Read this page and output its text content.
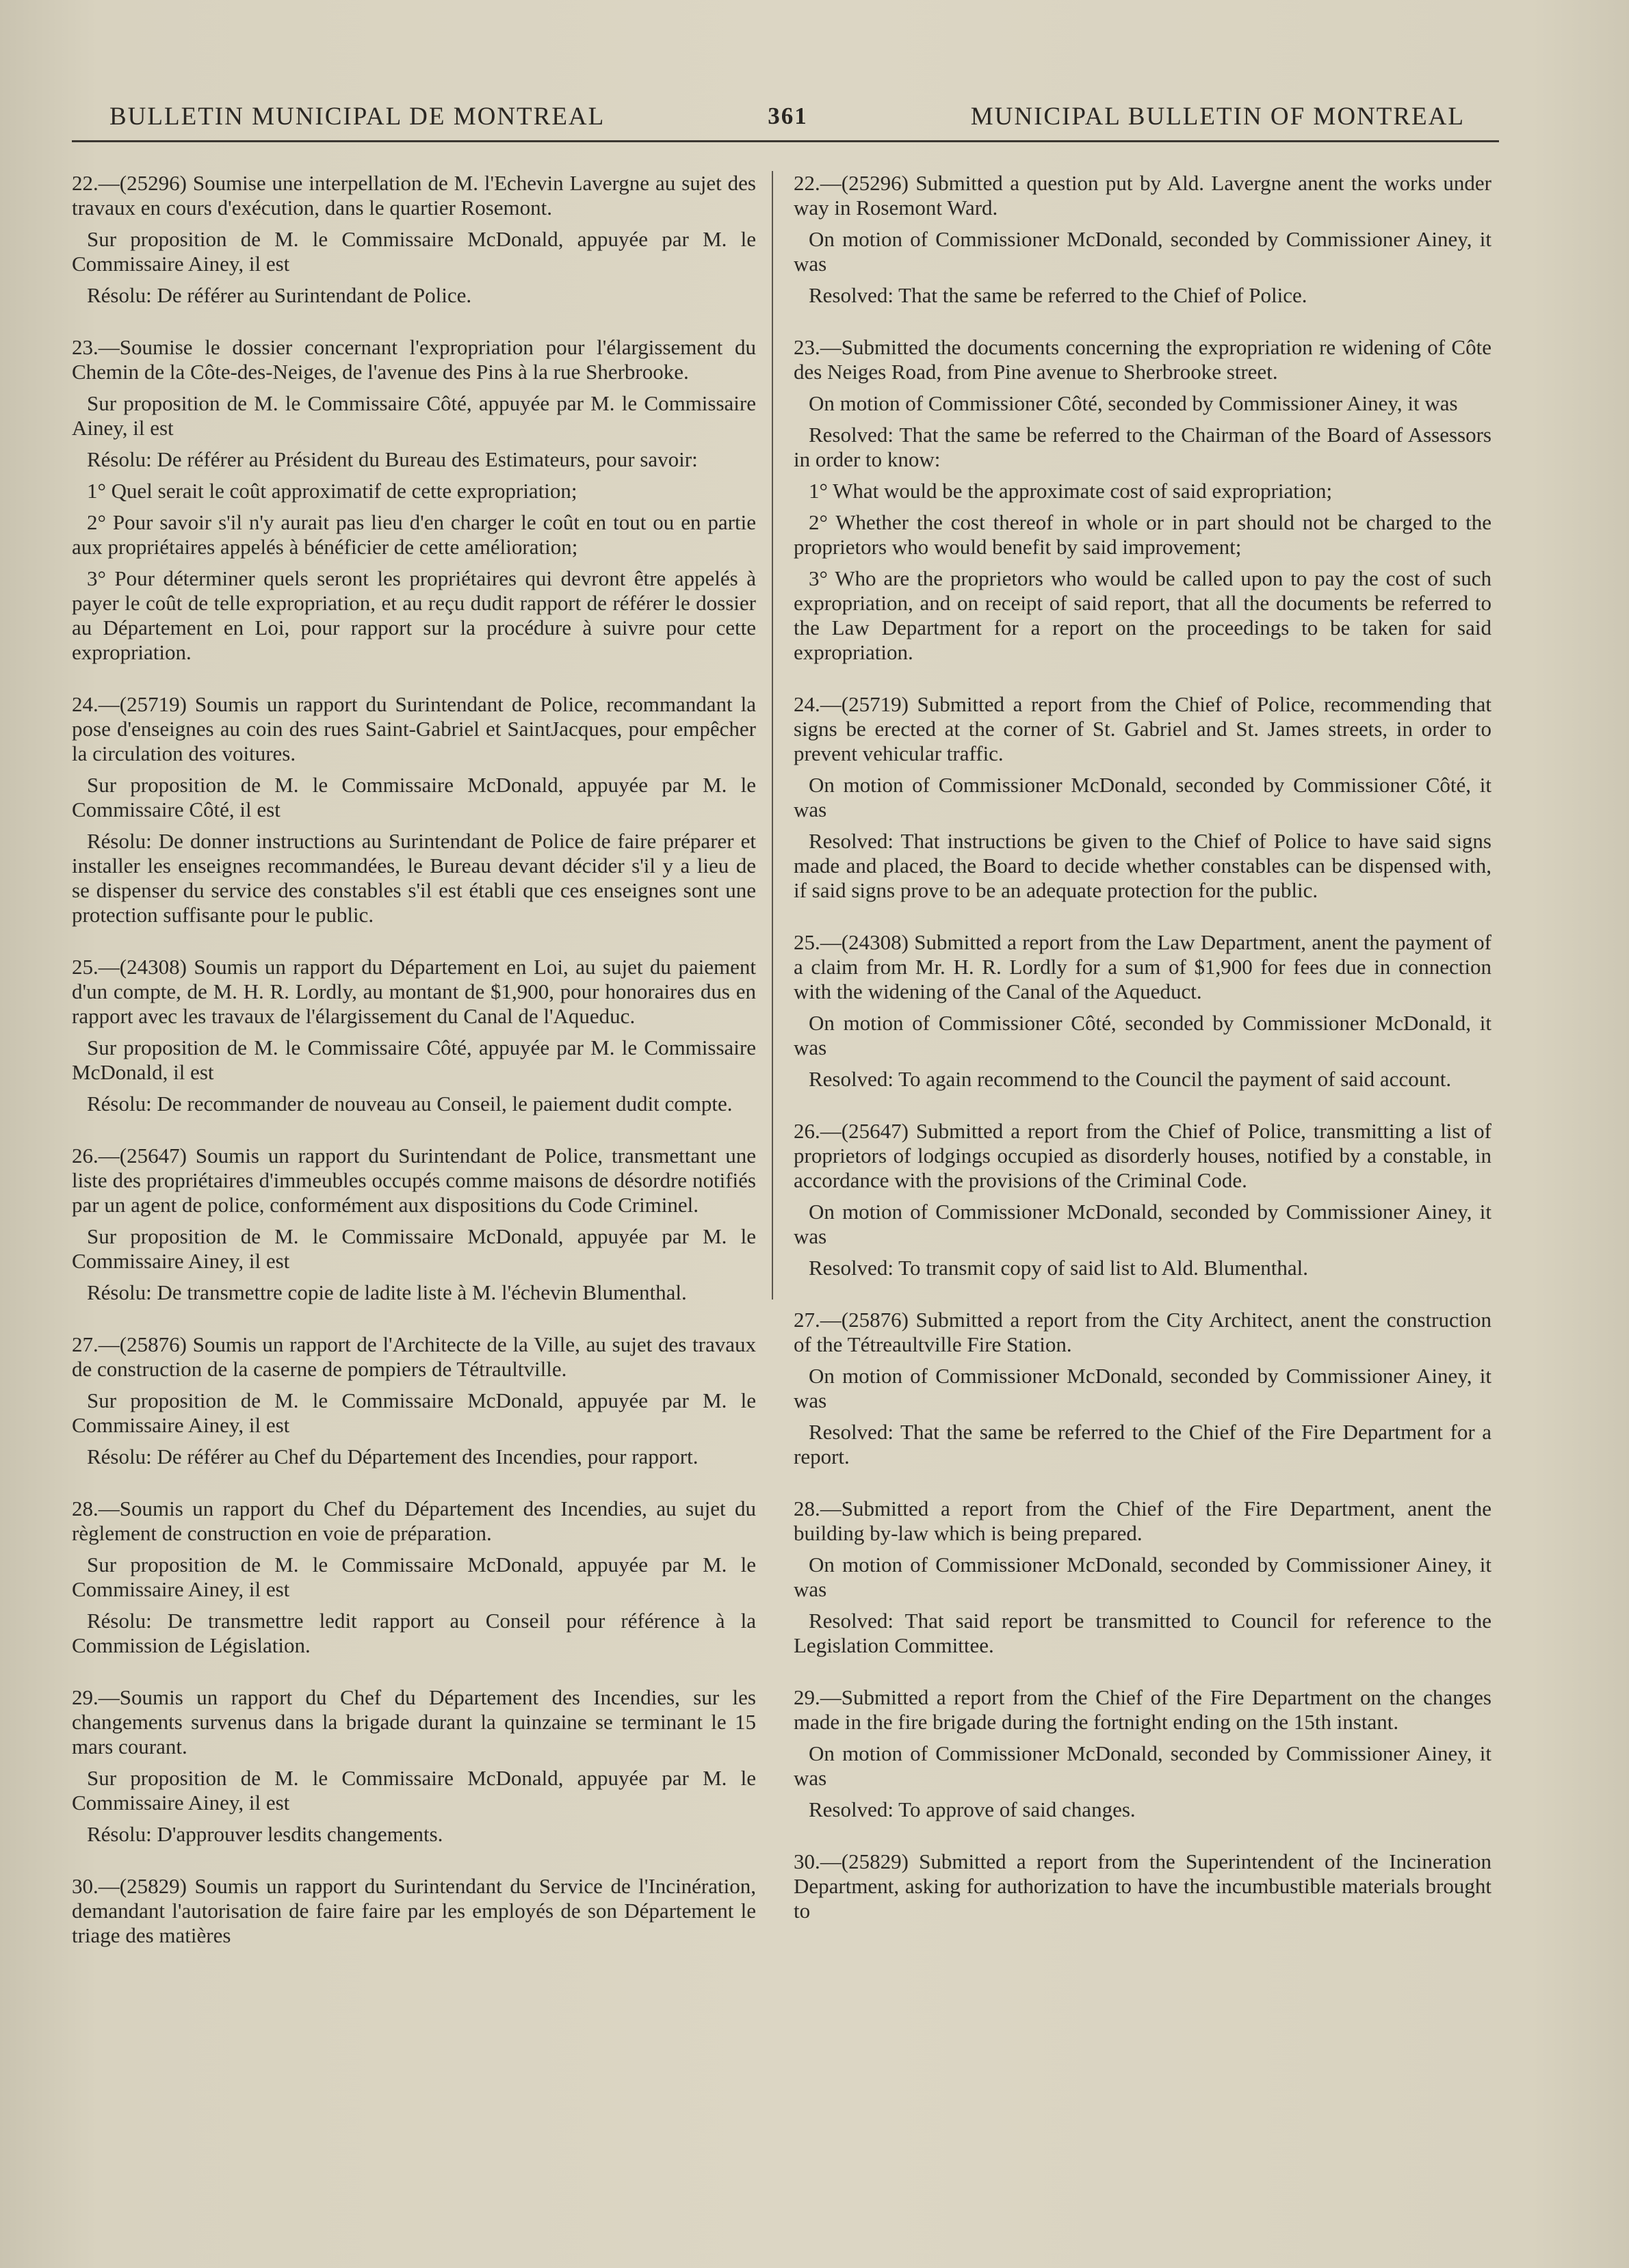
BULLETIN MUNICIPAL DE MONTREAL	361	MUNICIPAL BULLETIN OF MONTREAL

22.—(25296) Soumise une interpellation de M. l'Echevin Lavergne au sujet des travaux en cours d'exécution, dans le quartier Rosemont.

Sur proposition de M. le Commissaire McDonald, appuyée par M. le Commissaire Ainey, il est

Résolu: De référer au Surintendant de Police.

23.—Soumise le dossier concernant l'expropriation pour l'élargissement du Chemin de la Côte-des-Neiges, de l'avenue des Pins à la rue Sherbrooke.

Sur proposition de M. le Commissaire Côté, appuyée par M. le Commissaire Ainey, il est

Résolu: De référer au Président du Bureau des Estimateurs, pour savoir:

1° Quel serait le coût approximatif de cette expropriation;

2° Pour savoir s'il n'y aurait pas lieu d'en charger le coût en tout ou en partie aux propriétaires appelés à bénéficier de cette amélioration;

3° Pour déterminer quels seront les propriétaires qui devront être appelés à payer le coût de telle expropriation, et au reçu dudit rapport de référer le dossier au Département en Loi, pour rapport sur la procédure à suivre pour cette expropriation.

24.—(25719) Soumis un rapport du Surintendant de Police, recommandant la pose d'enseignes au coin des rues Saint-Gabriel et SaintJacques, pour empêcher la circulation des voitures.

Sur proposition de M. le Commissaire McDonald, appuyée par M. le Commissaire Côté, il est

Résolu: De donner instructions au Surintendant de Police de faire préparer et installer les enseignes recommandées, le Bureau devant décider s'il y a lieu de se dispenser du service des constables s'il est établi que ces enseignes sont une protection suffisante pour le public.

25.—(24308) Soumis un rapport du Département en Loi, au sujet du paiement d'un compte, de M. H. R. Lordly, au montant de $1,900, pour honoraires dus en rapport avec les travaux de l'élargissement du Canal de l'Aqueduc.

Sur proposition de M. le Commissaire Côté, appuyée par M. le Commissaire McDonald, il est

Résolu: De recommander de nouveau au Conseil, le paiement dudit compte.

26.—(25647) Soumis un rapport du Surintendant de Police, transmettant une liste des propriétaires d'immeubles occupés comme maisons de désordre notifiés par un agent de police, conformément aux dispositions du Code Criminel.

Sur proposition de M. le Commissaire McDonald, appuyée par M. le Commissaire Ainey, il est

Résolu: De transmettre copie de ladite liste à M. l'échevin Blumenthal.

27.—(25876) Soumis un rapport de l'Architecte de la Ville, au sujet des travaux de construction de la caserne de pompiers de Tétraultville.

Sur proposition de M. le Commissaire McDonald, appuyée par M. le Commissaire Ainey, il est

Résolu: De référer au Chef du Département des Incendies, pour rapport.

28.—Soumis un rapport du Chef du Département des Incendies, au sujet du règlement de construction en voie de préparation.

Sur proposition de M. le Commissaire McDonald, appuyée par M. le Commissaire Ainey, il est

Résolu: De transmettre ledit rapport au Conseil pour référence à la Commission de Législation.

29.—Soumis un rapport du Chef du Département des Incendies, sur les changements survenus dans la brigade durant la quinzaine se terminant le 15 mars courant.

Sur proposition de M. le Commissaire McDonald, appuyée par M. le Commissaire Ainey, il est

Résolu: D'approuver lesdits changements.

30.—(25829) Soumis un rapport du Surintendant du Service de l'Incinération, demandant l'autorisation de faire faire par les employés de son Département le triage des matières

22.—(25296) Submitted a question put by Ald. Lavergne anent the works under way in Rosemont Ward.

On motion of Commissioner McDonald, seconded by Commissioner Ainey, it was

Resolved: That the same be referred to the Chief of Police.

23.—Submitted the documents concerning the expropriation re widening of Côte des Neiges Road, from Pine avenue to Sherbrooke street.

On motion of Commissioner Côté, seconded by Commissioner Ainey, it was

Resolved: That the same be referred to the Chairman of the Board of Assessors in order to know:

1° What would be the approximate cost of said expropriation;

2° Whether the cost thereof in whole or in part should not be charged to the proprietors who would benefit by said improvement;

3° Who are the proprietors who would be called upon to pay the cost of such expropriation, and on receipt of said report, that all the documents be referred to the Law Department for a report on the proceedings to be taken for said expropriation.

24.—(25719) Submitted a report from the Chief of Police, recommending that signs be erected at the corner of St. Gabriel and St. James streets, in order to prevent vehicular traffic.

On motion of Commissioner McDonald, seconded by Commissioner Côté, it was

Resolved: That instructions be given to the Chief of Police to have said signs made and placed, the Board to decide whether constables can be dispensed with, if said signs prove to be an adequate protection for the public.

25.—(24308) Submitted a report from the Law Department, anent the payment of a claim from Mr. H. R. Lordly for a sum of $1,900 for fees due in connection with the widening of the Canal of the Aqueduct.

On motion of Commissioner Côté, seconded by Commissioner McDonald, it was

Resolved: To again recommend to the Council the payment of said account.

26.—(25647) Submitted a report from the Chief of Police, transmitting a list of proprietors of lodgings occupied as disorderly houses, notified by a constable, in accordance with the provisions of the Criminal Code.

On motion of Commissioner McDonald, seconded by Commissioner Ainey, it was

Resolved: To transmit copy of said list to Ald. Blumenthal.

27.—(25876) Submitted a report from the City Architect, anent the construction of the Tétreaultville Fire Station.

On motion of Commissioner McDonald, seconded by Commissioner Ainey, it was

Resolved: That the same be referred to the Chief of the Fire Department for a report.

28.—Submitted a report from the Chief of the Fire Department, anent the building by-law which is being prepared.

On motion of Commissioner McDonald, seconded by Commissioner Ainey, it was

Resolved: That said report be transmitted to Council for reference to the Legislation Committee.

29.—Submitted a report from the Chief of the Fire Department on the changes made in the fire brigade during the fortnight ending on the 15th instant.

On motion of Commissioner McDonald, seconded by Commissioner Ainey, it was

Resolved: To approve of said changes.

30.—(25829) Submitted a report from the Superintendent of the Incineration Department, asking for authorization to have the incumbustible materials brought to
